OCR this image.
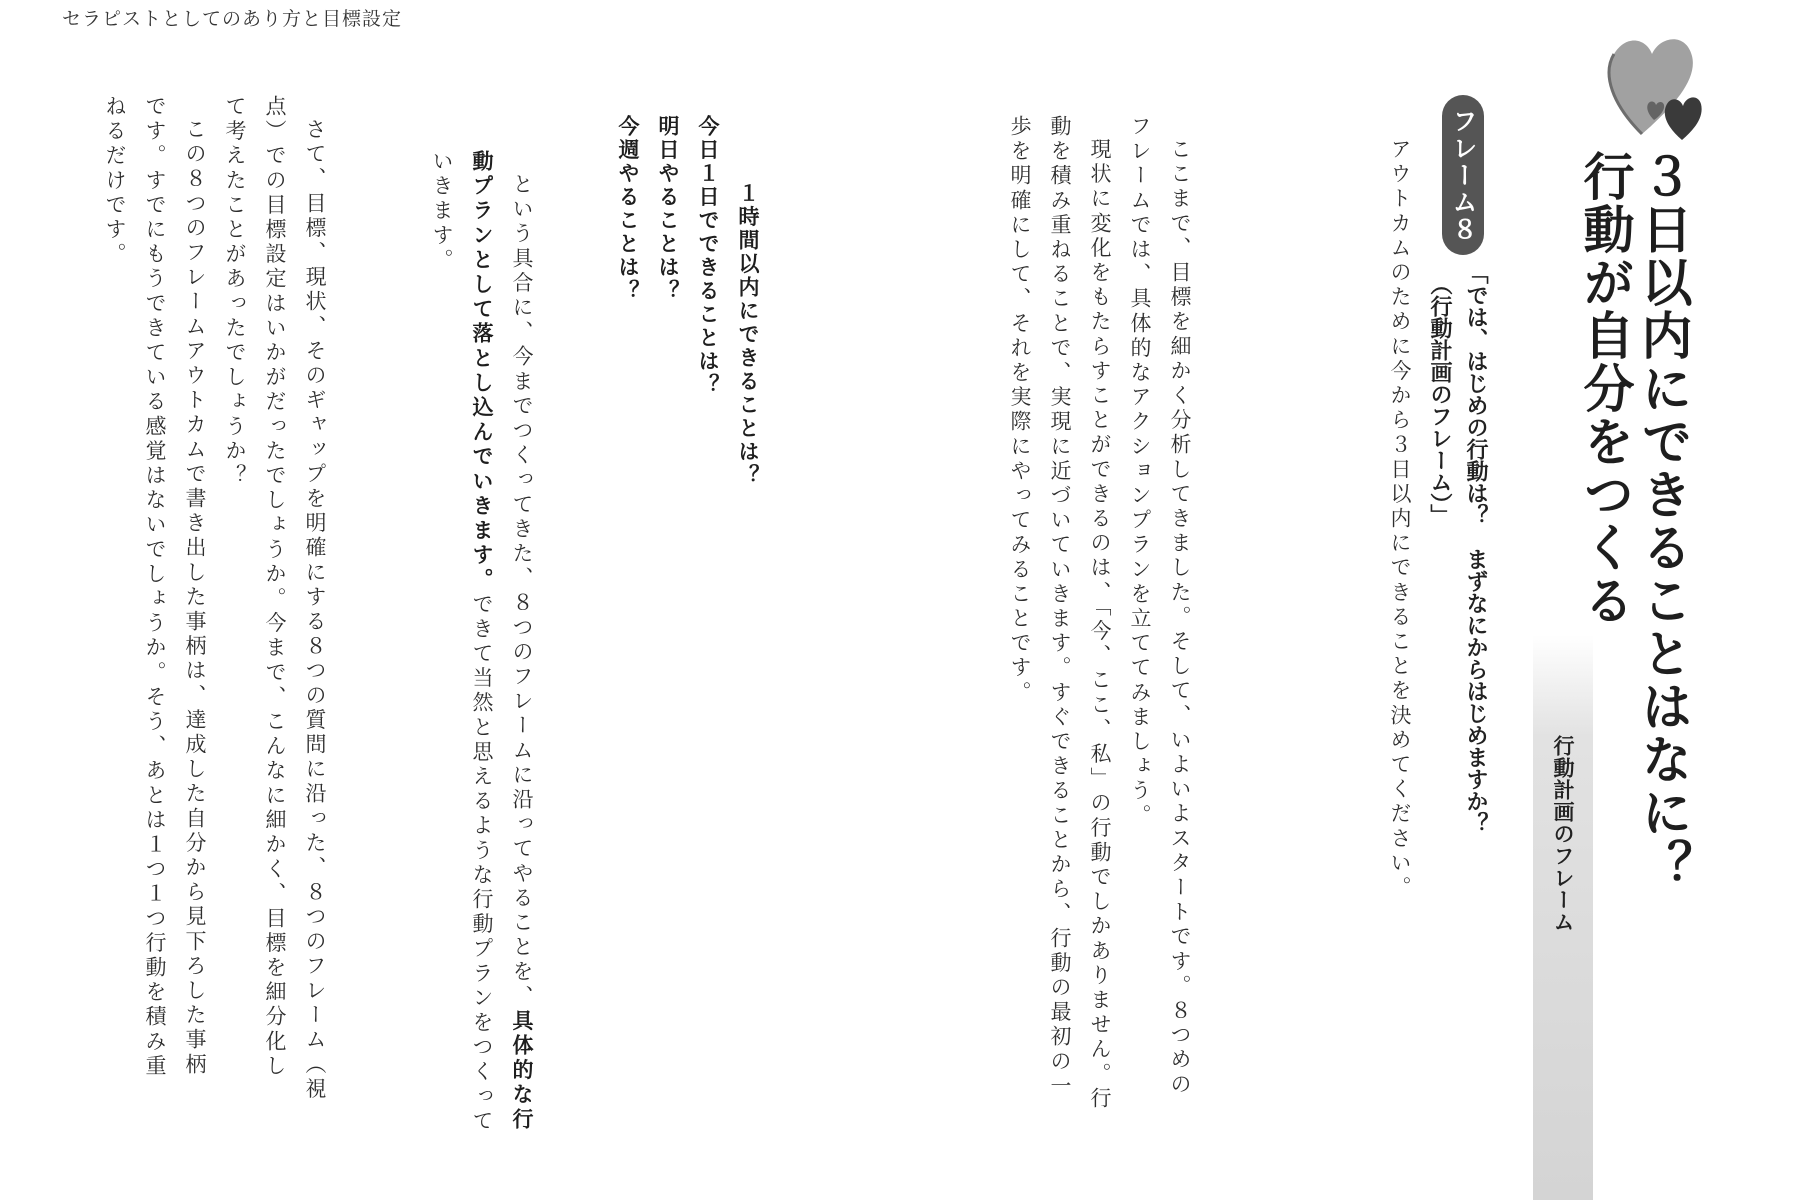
セラピストとしてのあり方と目標設定
３日以内にできることはなに？
行動が自分をつくる
行動計画のフレーム
フレーム８
「では、はじめの行動は？　まずなにからはじめますか？
（行動計画のフレーム）」
アウトカムのために今から３日以内にできることを決めてください。
ここまで、目標を細かく分析してきました。そして、いよいよスタートです。８つめの
フレームでは、具体的なアクションプランを立ててみましょう。
現状に変化をもたらすことができるのは、「今、ここ、私」の行動でしかありません。行
動を積み重ねることで、実現に近づいていきます。すぐできることから、行動の最初の一
歩を明確にして、それを実際にやってみることです。
１時間以内にできることは？
今日１日でできることは？
明日やることは？
今週やることは？
という具合に、今までつくってきた、８つのフレームに沿ってやることを、具体的な行
動プランとして落とし込んでいきます。できて当然と思えるような行動プランをつくって
いきます。
さて、目標、現状、そのギャップを明確にする８つの質問に沿った、８つのフレーム（視
点）での目標設定はいかがだったでしょうか。今まで、こんなに細かく、目標を細分化し
て考えたことがあったでしょうか？
この８つのフレームアウトカムで書き出した事柄は、達成した自分から見下ろした事柄
です。すでにもうできている感覚はないでしょうか。そう、あとは１つ１つ行動を積み重
ねるだけです。
